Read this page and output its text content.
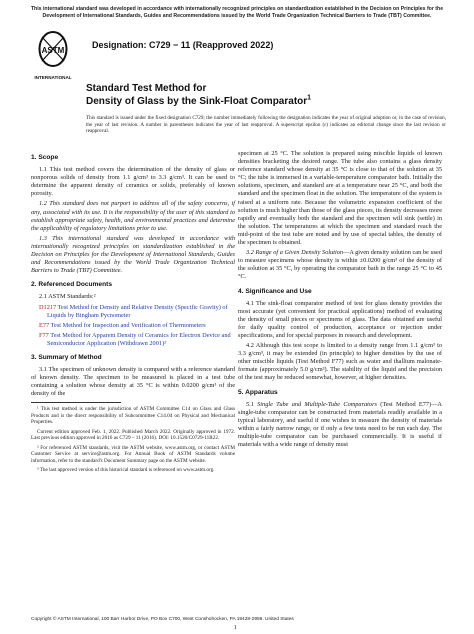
This international standard was developed in accordance with internationally recognized principles on standardization established in the Decision on Principles for the Development of International Standards, Guides and Recommendations issued by the World Trade Organization Technical Barriers to Trade (TBT) Committee.
ASTM
INTERNATIONAL
Designation: C729 − 11 (Reapproved 2022)
Standard Test Method for
Density of Glass by the Sink-Float Comparator$^1$
This standard is issued under the fixed designation C729; the number immediately following the designation indicates the year of original adoption or, in the case of revision, the year of last revision. A number in parentheses indicates the year of last reapproval. A superscript epsilon (ε) indicates an editorial change since the last revision or reapproval.
1. Scope

1.1 This test method covers the determination of the density of glass or nonporous solids of density from 1.1 g/cm³ to 3.3 g/cm³. It can be used to determine the apparent density of ceramics or solids, preferably of known porosity.

1.2 This standard does not purport to address all of the safety concerns, if any, associated with its use. It is the responsibility of the user of this standard to establish appropriate safety, health, and environmental practices and determine the applicability of regulatory limitations prior to use.

1.3 This international standard was developed in accordance with internationally recognized principles on standardization established in the Decision on Principles for the Development of International Standards, Guides and Recommendations issued by the World Trade Organization Technical Barriers to Trade (TBT) Committee.

2. Referenced Documents

2.1 ASTM Standards:²

D1217 Test Method for Density and Relative Density (Specific Gravity) of Liquids by Bingham Pycnometer
E77 Test Method for Inspection and Verification of Thermometers
F77 Test Method for Apparent Density of Ceramics for Electron Device and Semiconductor Application (Withdrawn 2001)³
3. Summary of Method

3.1 The specimen of unknown density is compared with a reference standard of known density. The specimen to be measured is placed in a test tube containing a solution whose density at 35 °C is within 0.0200 g/cm³ of the density of the

¹ This test method is under the jurisdiction of ASTM Committee C14 on Glass and Glass Products and is the direct responsibility of Subcommittee C14.04 on Physical and Mechanical Properties.

Current edition approved Feb. 1, 2022. Published March 2022. Originally approved in 1972. Last previous edition approved in 2016 as C729 – 11 (2016). DOI: 10.1520/C0729-11R22.

² For referenced ASTM standards, visit the ASTM website, www.astm.org, or contact ASTM Customer Service at service@astm.org. For Annual Book of ASTM Standards volume information, refer to the standard's Document Summary page on the ASTM website.

³ The last approved version of this historical standard is referenced on www.astm.org.

specimen at 25 °C. The solution is prepared using miscible liquids of known densities bracketing the desired range. The tube also contains a glass density reference standard whose density at 35 °C is close to that of the solution at 35 °C; the tube is immersed in a variable-temperature comparator bath. Initially the solutions, specimen, and standard are at a temperature near 25 °C, and both the standard and the specimen float in the solution. The temperature of the system is raised at a uniform rate. Because the volumetric expansion coefficient of the solution is much higher than those of the glass pieces, its density decreases more rapidly and eventually both the standard and the specimen will sink (settle) in the solution. The temperatures at which the specimen and standard reach the mid-point of the test tube are noted and by use of special tables, the density of the specimen is obtained.

3.2 Range of a Given Density Solution—A given density solution can be used to measure specimens whose density is within ±0.0200 g/cm³ of the density of the solution at 35 °C, by operating the comparator bath in the range 25 °C to 45 °C.

4. Significance and Use

4.1 The sink-float comparator method of test for glass density provides the most accurate (yet convenient for practical applications) method of evaluating the density of small pieces or specimens of glass. The data obtained are useful for daily quality control of production, acceptance or rejection under specifications, and for special purposes in research and development.

4.2 Although this test scope is limited to a density range from 1.1 g/cm³ to 3.3 g/cm³, it may be extended (in principle) to higher densities by the use of other miscible liquids (Test Method F77) such as water and thallium malonate-formate (approximately 5.0 g/cm³). The stability of the liquid and the precision of the test may be reduced somewhat, however, at higher densities.

5. Apparatus

5.1 Single Tube and Multiple-Tube Comparators (Test Method E77)—A single-tube comparator can be constructed from materials readily available in a typical laboratory, and useful if one wishes to measure the density of materials within a fairly narrow range, or if only a few tests need to be run each day. The multiple-tube comparator can be purchased commercially. It is useful if materials with a wide range of density must

Copyright © ASTM International, 100 Barr Harbor Drive, PO Box C700, West Conshohocken, PA 19428-2959. United States
1
